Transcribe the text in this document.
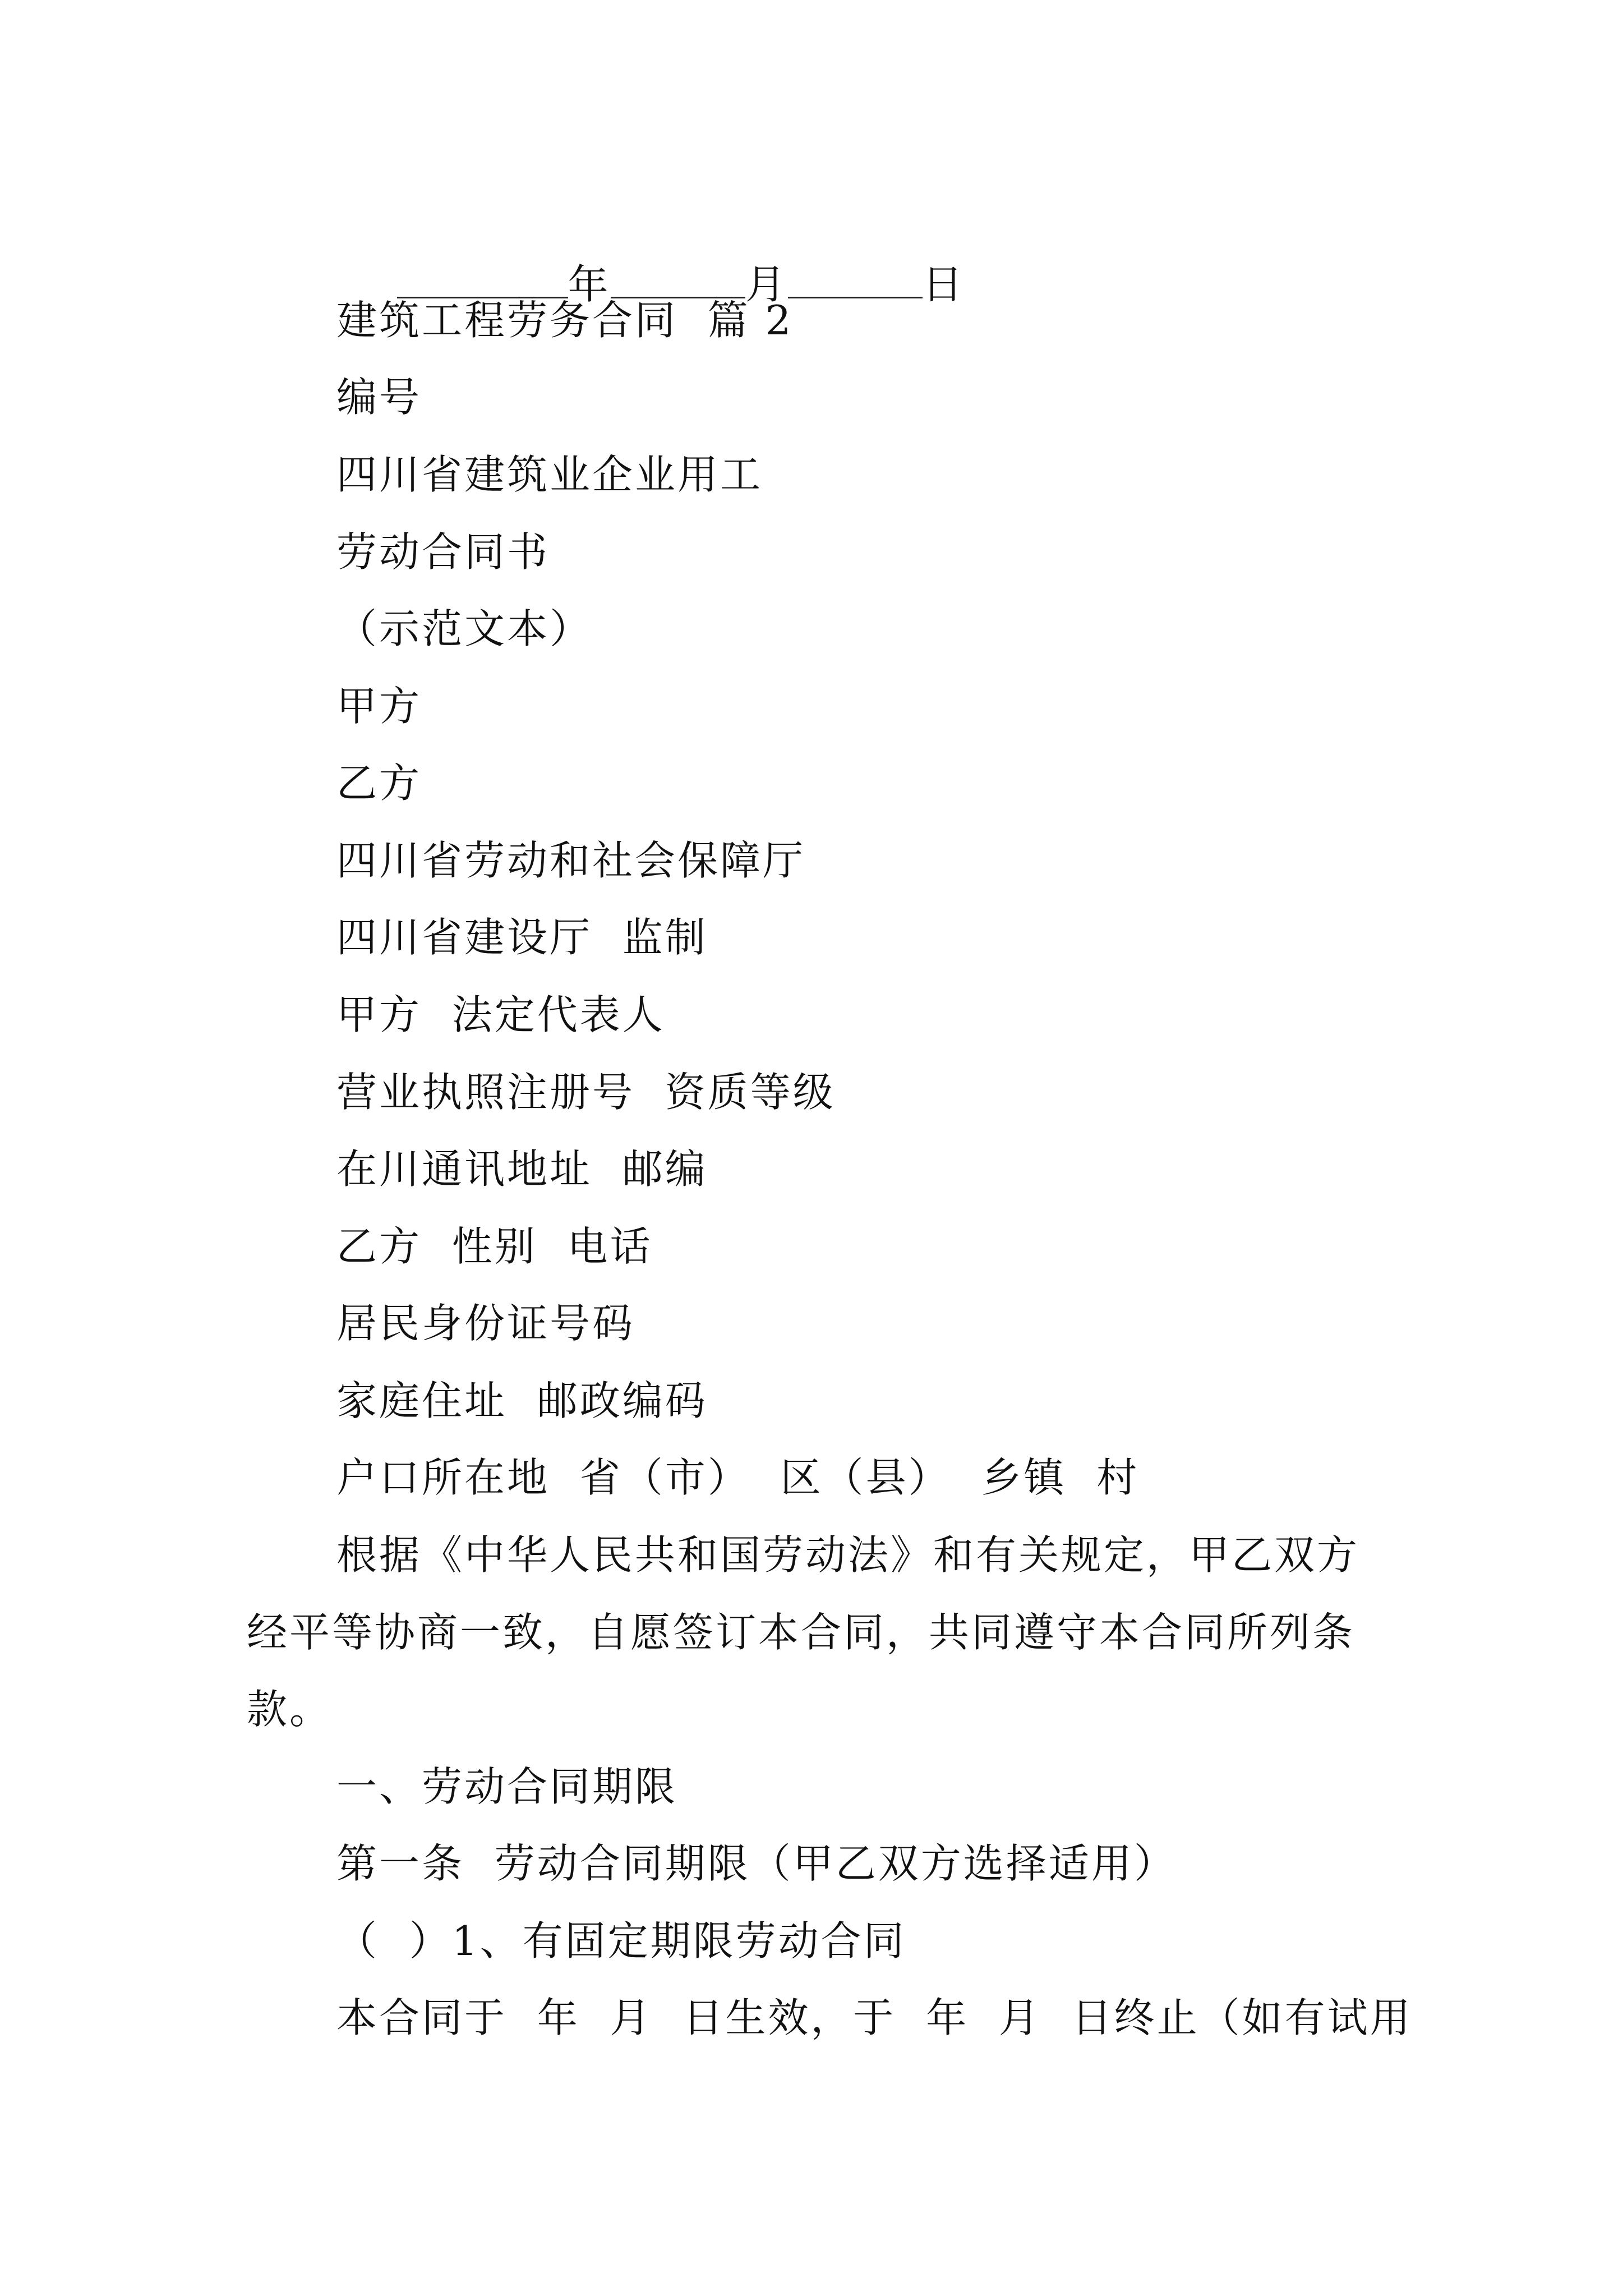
年	月	日

建筑工程劳务合同  篇 2
编号
四川省建筑业企业用工
劳动合同书
（示范文本）
甲方
乙方
四川省劳动和社会保障厅
四川省建设厅  监制
甲方  法定代表人
营业执照注册号  资质等级
在川通讯地址  邮编
乙方  性别  电话
居民身份证号码
家庭住址  邮政编码
户口所在地  省（市）  区（县）  乡镇  村
根据《中华人民共和国劳动法》和有关规定，甲乙双方
经平等协商一致，自愿签订本合同，共同遵守本合同所列条
款。
一、劳动合同期限
第一条  劳动合同期限（甲乙双方选择适用）
（  ）1、有固定期限劳动合同
本合同于  年  月  日生效，于  年  月  日终止（如有试用
